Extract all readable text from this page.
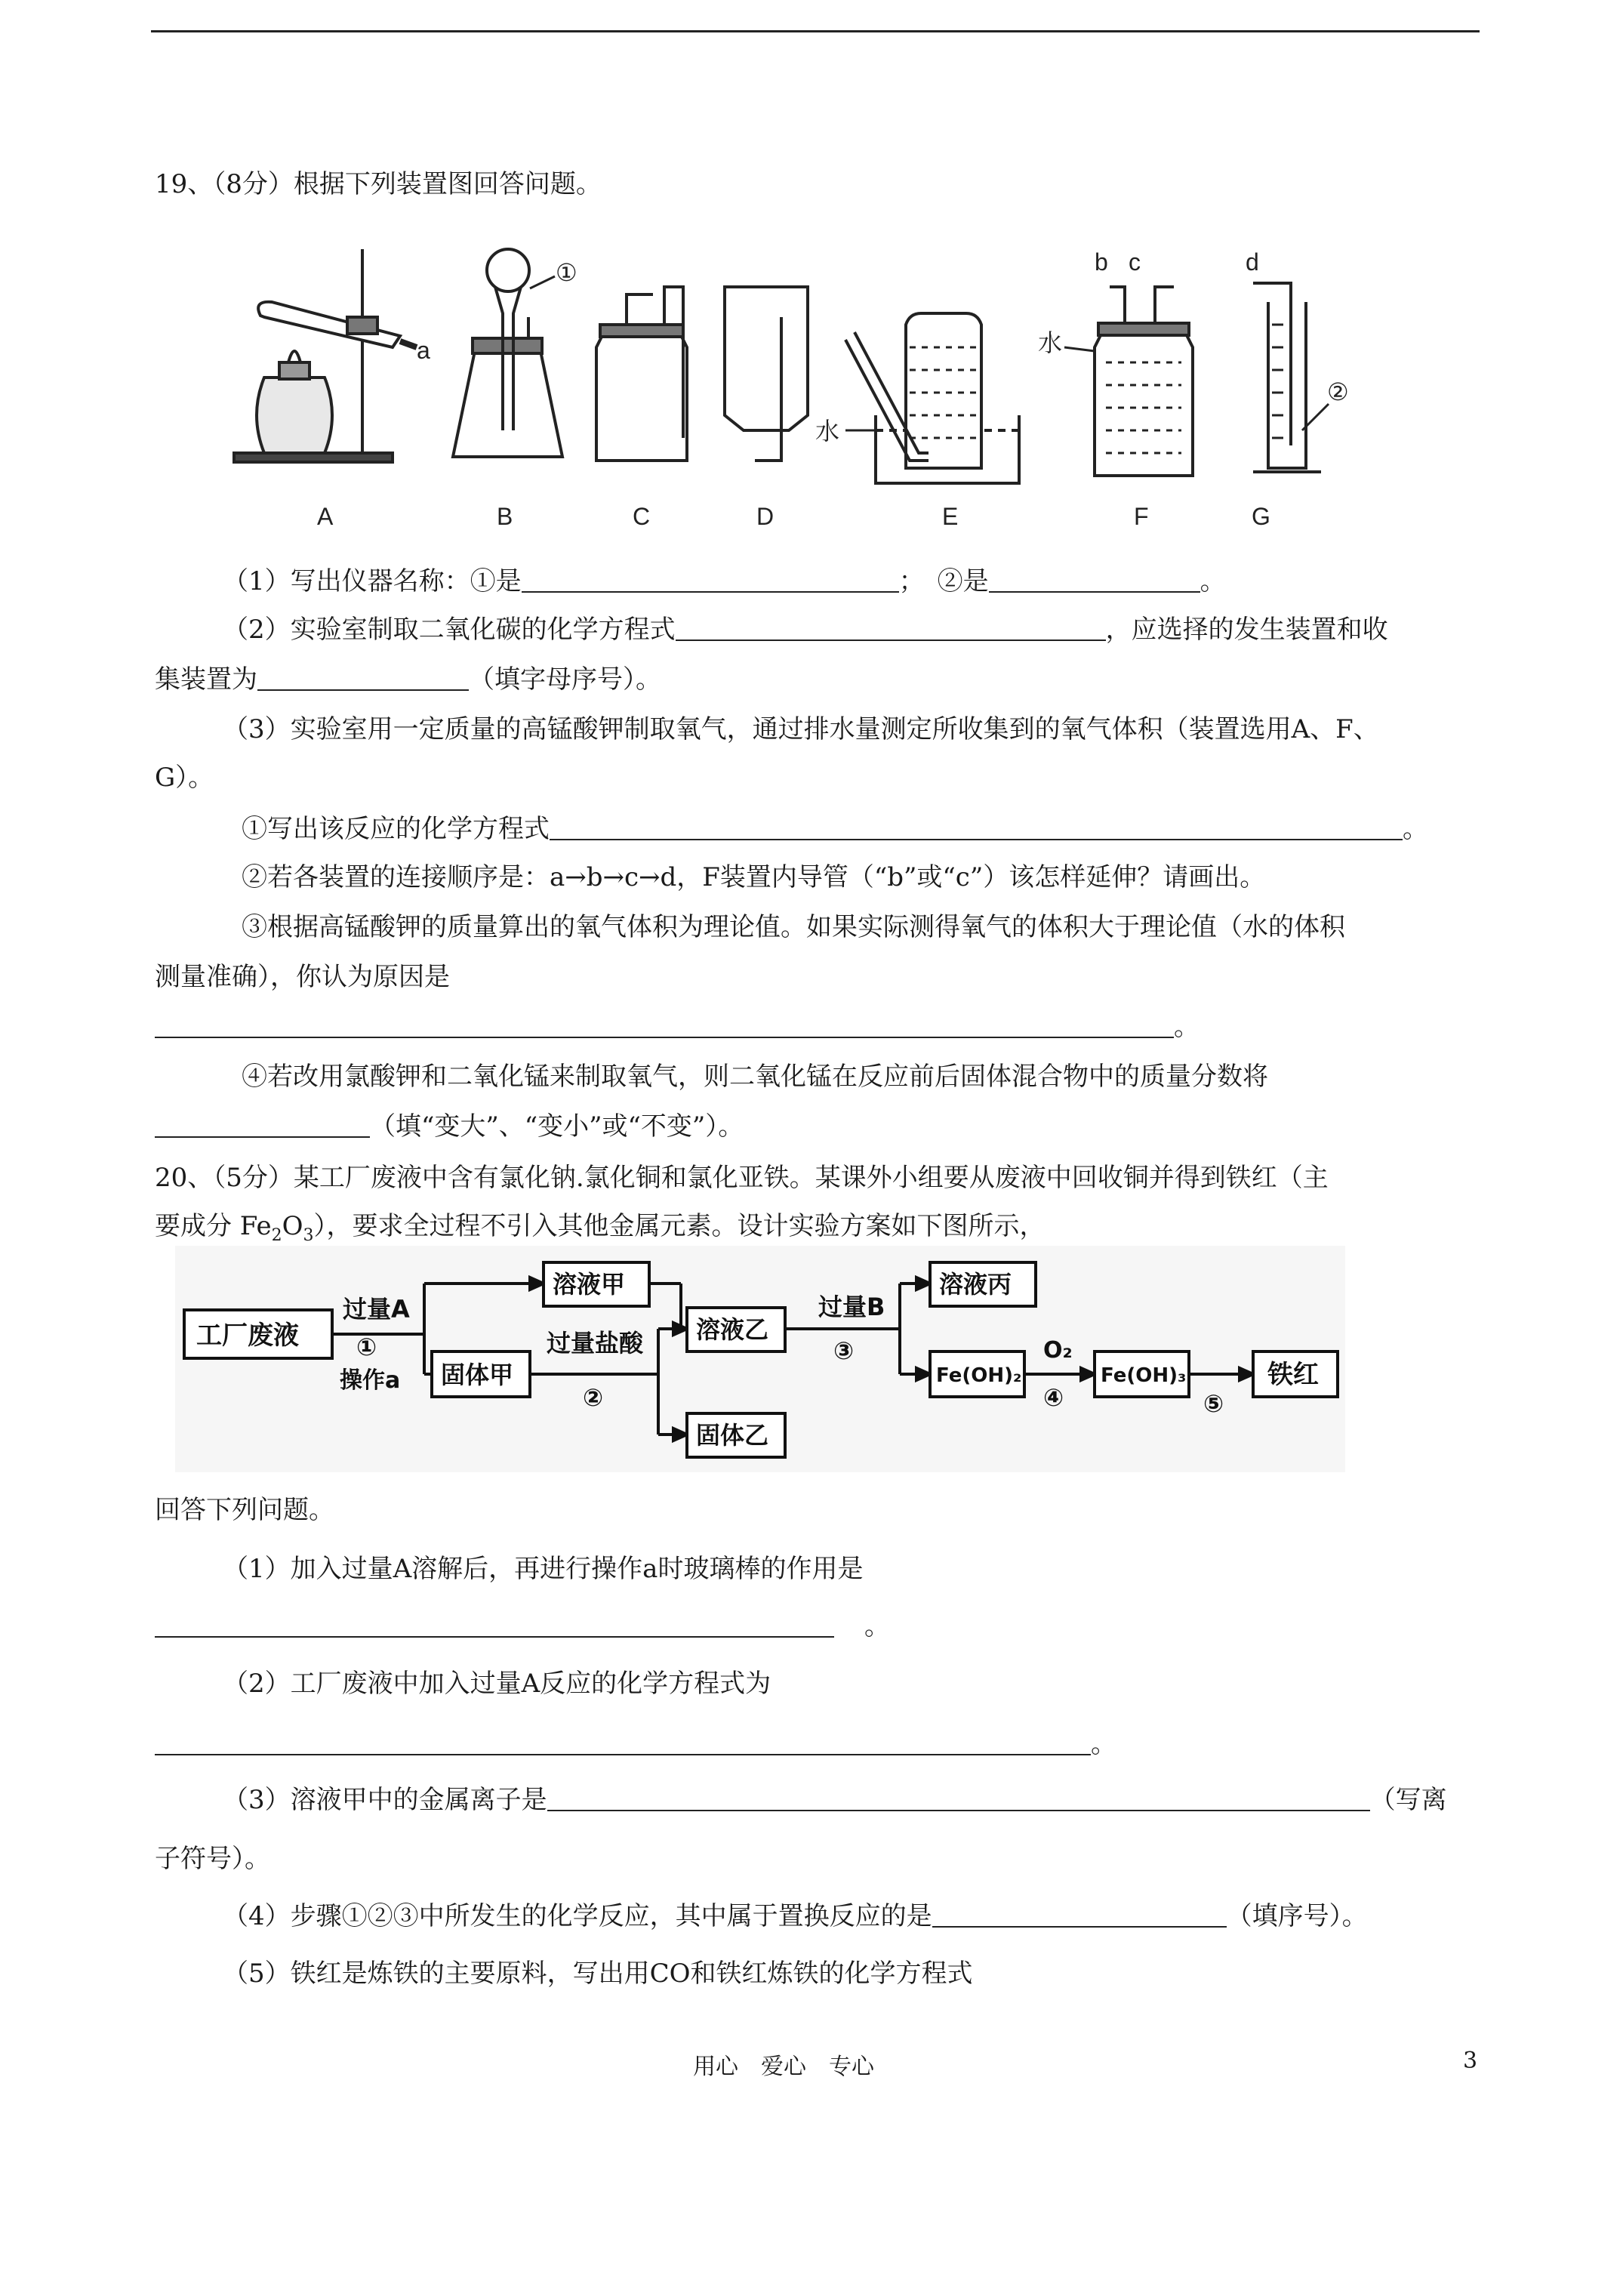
19、（8分）根据下列装置图回答问题。
a
①
水
b c
水
d
②
A	B	C	D	E	F	G
（1）写出仪器名称：①是	；　②是	。
（2）实验室制取二氧化碳的化学方程式	，应选择的发生装置和收
集装置为	（填字母序号）。
（3）实验室用一定质量的高锰酸钾制取氧气，通过排水量测定所收集到的氧气体积（装置选用A、F、
G）。
①写出该反应的化学方程式	。
②若各装置的连接顺序是：a→b→c→d，F装置内导管（“b”或“c”）该怎样延伸？请画出。
③根据高锰酸钾的质量算出的氧气体积为理论值。如果实际测得氧气的体积大于理论值（水的体积
测量准确），你认为原因是
。
④若改用氯酸钾和二氧化锰来制取氧气，则二氧化锰在反应前后固体混合物中的质量分数将
（填“变大”、“变小”或“不变”）。
20、（5分）某工厂废液中含有氯化钠.氯化铜和氯化亚铁。某课外小组要从废液中回收铜并得到铁红（主
要成分 $Fe_2O_3$），要求全过程不引入其他金属元素。设计实验方案如下图所示，
工厂废液
过量A
①
操作a
溶液甲
固体甲
过量盐酸
②
溶液乙
固体乙
过量B
③
溶液丙
Fe(OH)₂
O₂
④
Fe(OH)₃
⑤
铁红
回答下列问题。
（1）加入过量A溶解后，再进行操作a时玻璃棒的作用是
。
（2）工厂废液中加入过量A反应的化学方程式为
。
（3）溶液甲中的金属离子是	（写离
子符号）。
（4）步骤①②③中所发生的化学反应，其中属于置换反应的是	（填序号）。
（5）铁红是炼铁的主要原料，写出用CO和铁红炼铁的化学方程式
用心　爱心　专心	3
